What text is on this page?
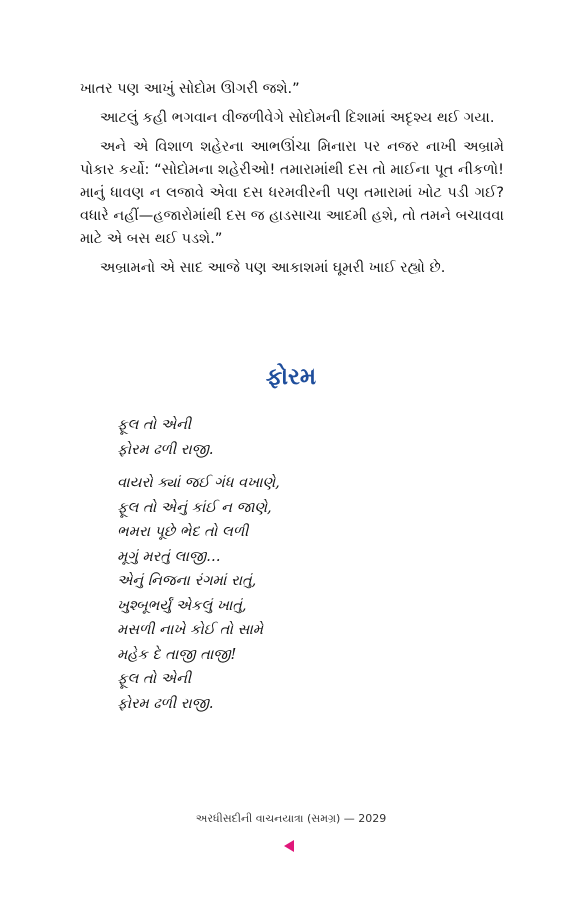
ખાતર પણ આખું સોદોમ ઊગરી જશે.”

આટલું કહી ભગવાન વીજળીવેગે સોદોમની દિશામાં અદૃશ્ય થઈ ગયા.

અને એ વિશાળ શહેરના આભઊંચા મિનારા પર નજર નાખી અબ્રામે પોકાર કર્યો: “સોદોમના શહેરીઓ! તમારામાંથી દસ તો માઈના પૂત નીકળો! માનું ધાવણ ન લજાવે એવા દસ ધરમવીરની પણ તમારામાં ખોટ પડી ગઈ? વધારે નહીં—હજારોમાંથી દસ જ હાડસાચા આદમી હશે, તો તમને બચાવવા માટે એ બસ થઈ પડશે.”

અબ્રામનો એ સાદ આજે પણ આકાશમાં ઘૂમરી ખાઈ રહ્યો છે.

ફોરમ
ફૂલ તો એની
ફોરમ ઢળી રાજી.
વાયરો ક્યાં જઈ ગંધ વખાણે,
ફૂલ તો એનું કાંઈ ન જાણે,
ભમરા પૂછે ભેદ તો લળી
મૂગું મરતું લાજી…
એનું નિજના રંગમાં રાતું,
ખુશ્બૂભર્યું એકલું ખાતું,
મસળી નાખે કોઈ તો સામે
મહેક દે તાજી તાજી!
ફૂલ તો એની
ફોરમ ઢળી રાજી.
અરધીસદીની વાચનયાત્રા (સમગ્ર) — 2029
